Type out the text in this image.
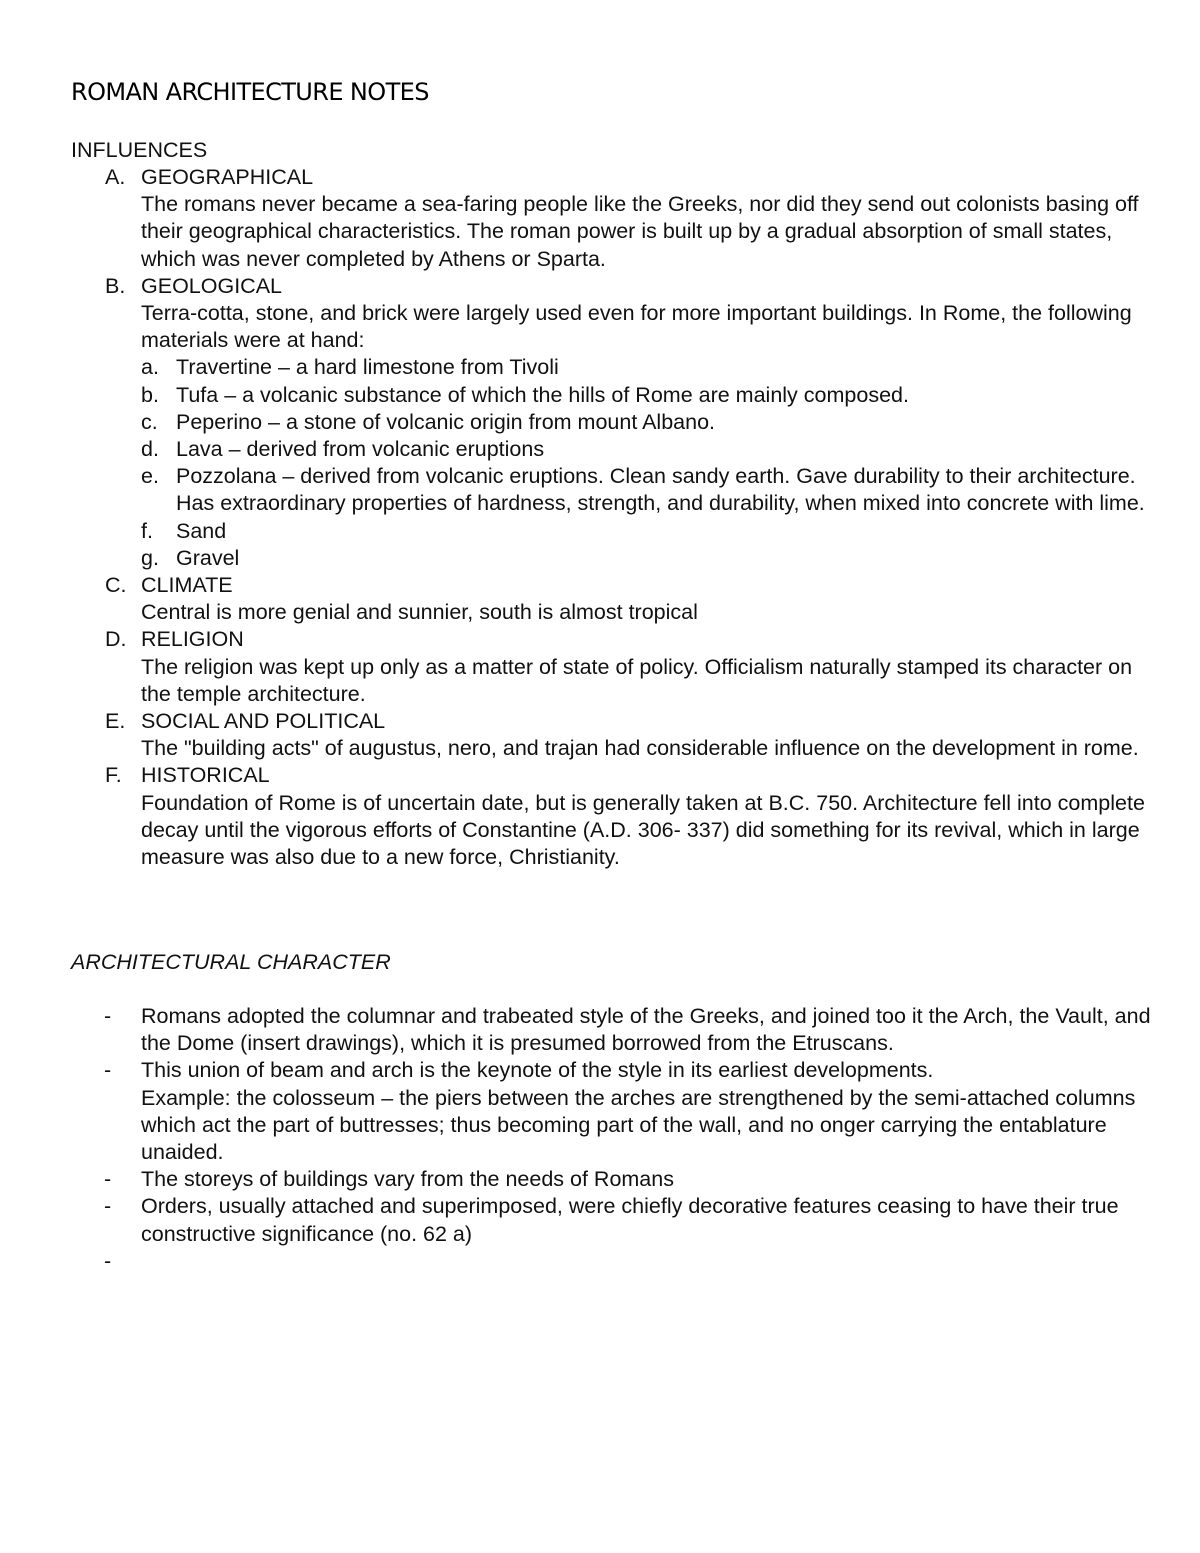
ROMAN ARCHITECTURE NOTES
INFLUENCES
A. GEOGRAPHICAL
The romans never became a sea-faring people like the Greeks, nor did they send out colonists basing off their geographical characteristics. The roman power is built up by a gradual absorption of small states, which was never completed by Athens or Sparta.
B. GEOLOGICAL
Terra-cotta, stone, and brick were largely used even for more important buildings. In Rome, the following materials were at hand:
a. Travertine – a hard limestone from Tivoli
b. Tufa – a volcanic substance of which the hills of Rome are mainly composed.
c. Peperino – a stone of volcanic origin from mount Albano.
d. Lava – derived from volcanic eruptions
e. Pozzolana – derived from volcanic eruptions. Clean sandy earth. Gave durability to their architecture. Has extraordinary properties of hardness, strength, and durability, when mixed into concrete with lime.
f. Sand
g. Gravel
C. CLIMATE
Central is more genial and sunnier, south is almost tropical
D. RELIGION
The religion was kept up only as a matter of state of policy. Officialism naturally stamped its character on the temple architecture.
E. SOCIAL AND POLITICAL
The "building acts" of augustus, nero, and trajan had considerable influence on the development in rome.
F. HISTORICAL
Foundation of Rome is of uncertain date, but is generally taken at B.C. 750. Architecture fell into complete decay until the vigorous efforts of Constantine (A.D. 306- 337) did something for its revival, which in large measure was also due to a new force, Christianity.
ARCHITECTURAL CHARACTER
- Romans adopted the columnar and trabeated style of the Greeks, and joined too it the Arch, the Vault, and the Dome (insert drawings), which it is presumed borrowed from the Etruscans.
- This union of beam and arch is the keynote of the style in its earliest developments.
Example: the colosseum – the piers between the arches are strengthened by the semi-attached columns which act the part of buttresses; thus becoming part of the wall, and no onger carrying the entablature unaided.
- The storeys of buildings vary from the needs of Romans
- Orders, usually attached and superimposed, were chiefly decorative features ceasing to have their true constructive significance (no. 62 a)
-
